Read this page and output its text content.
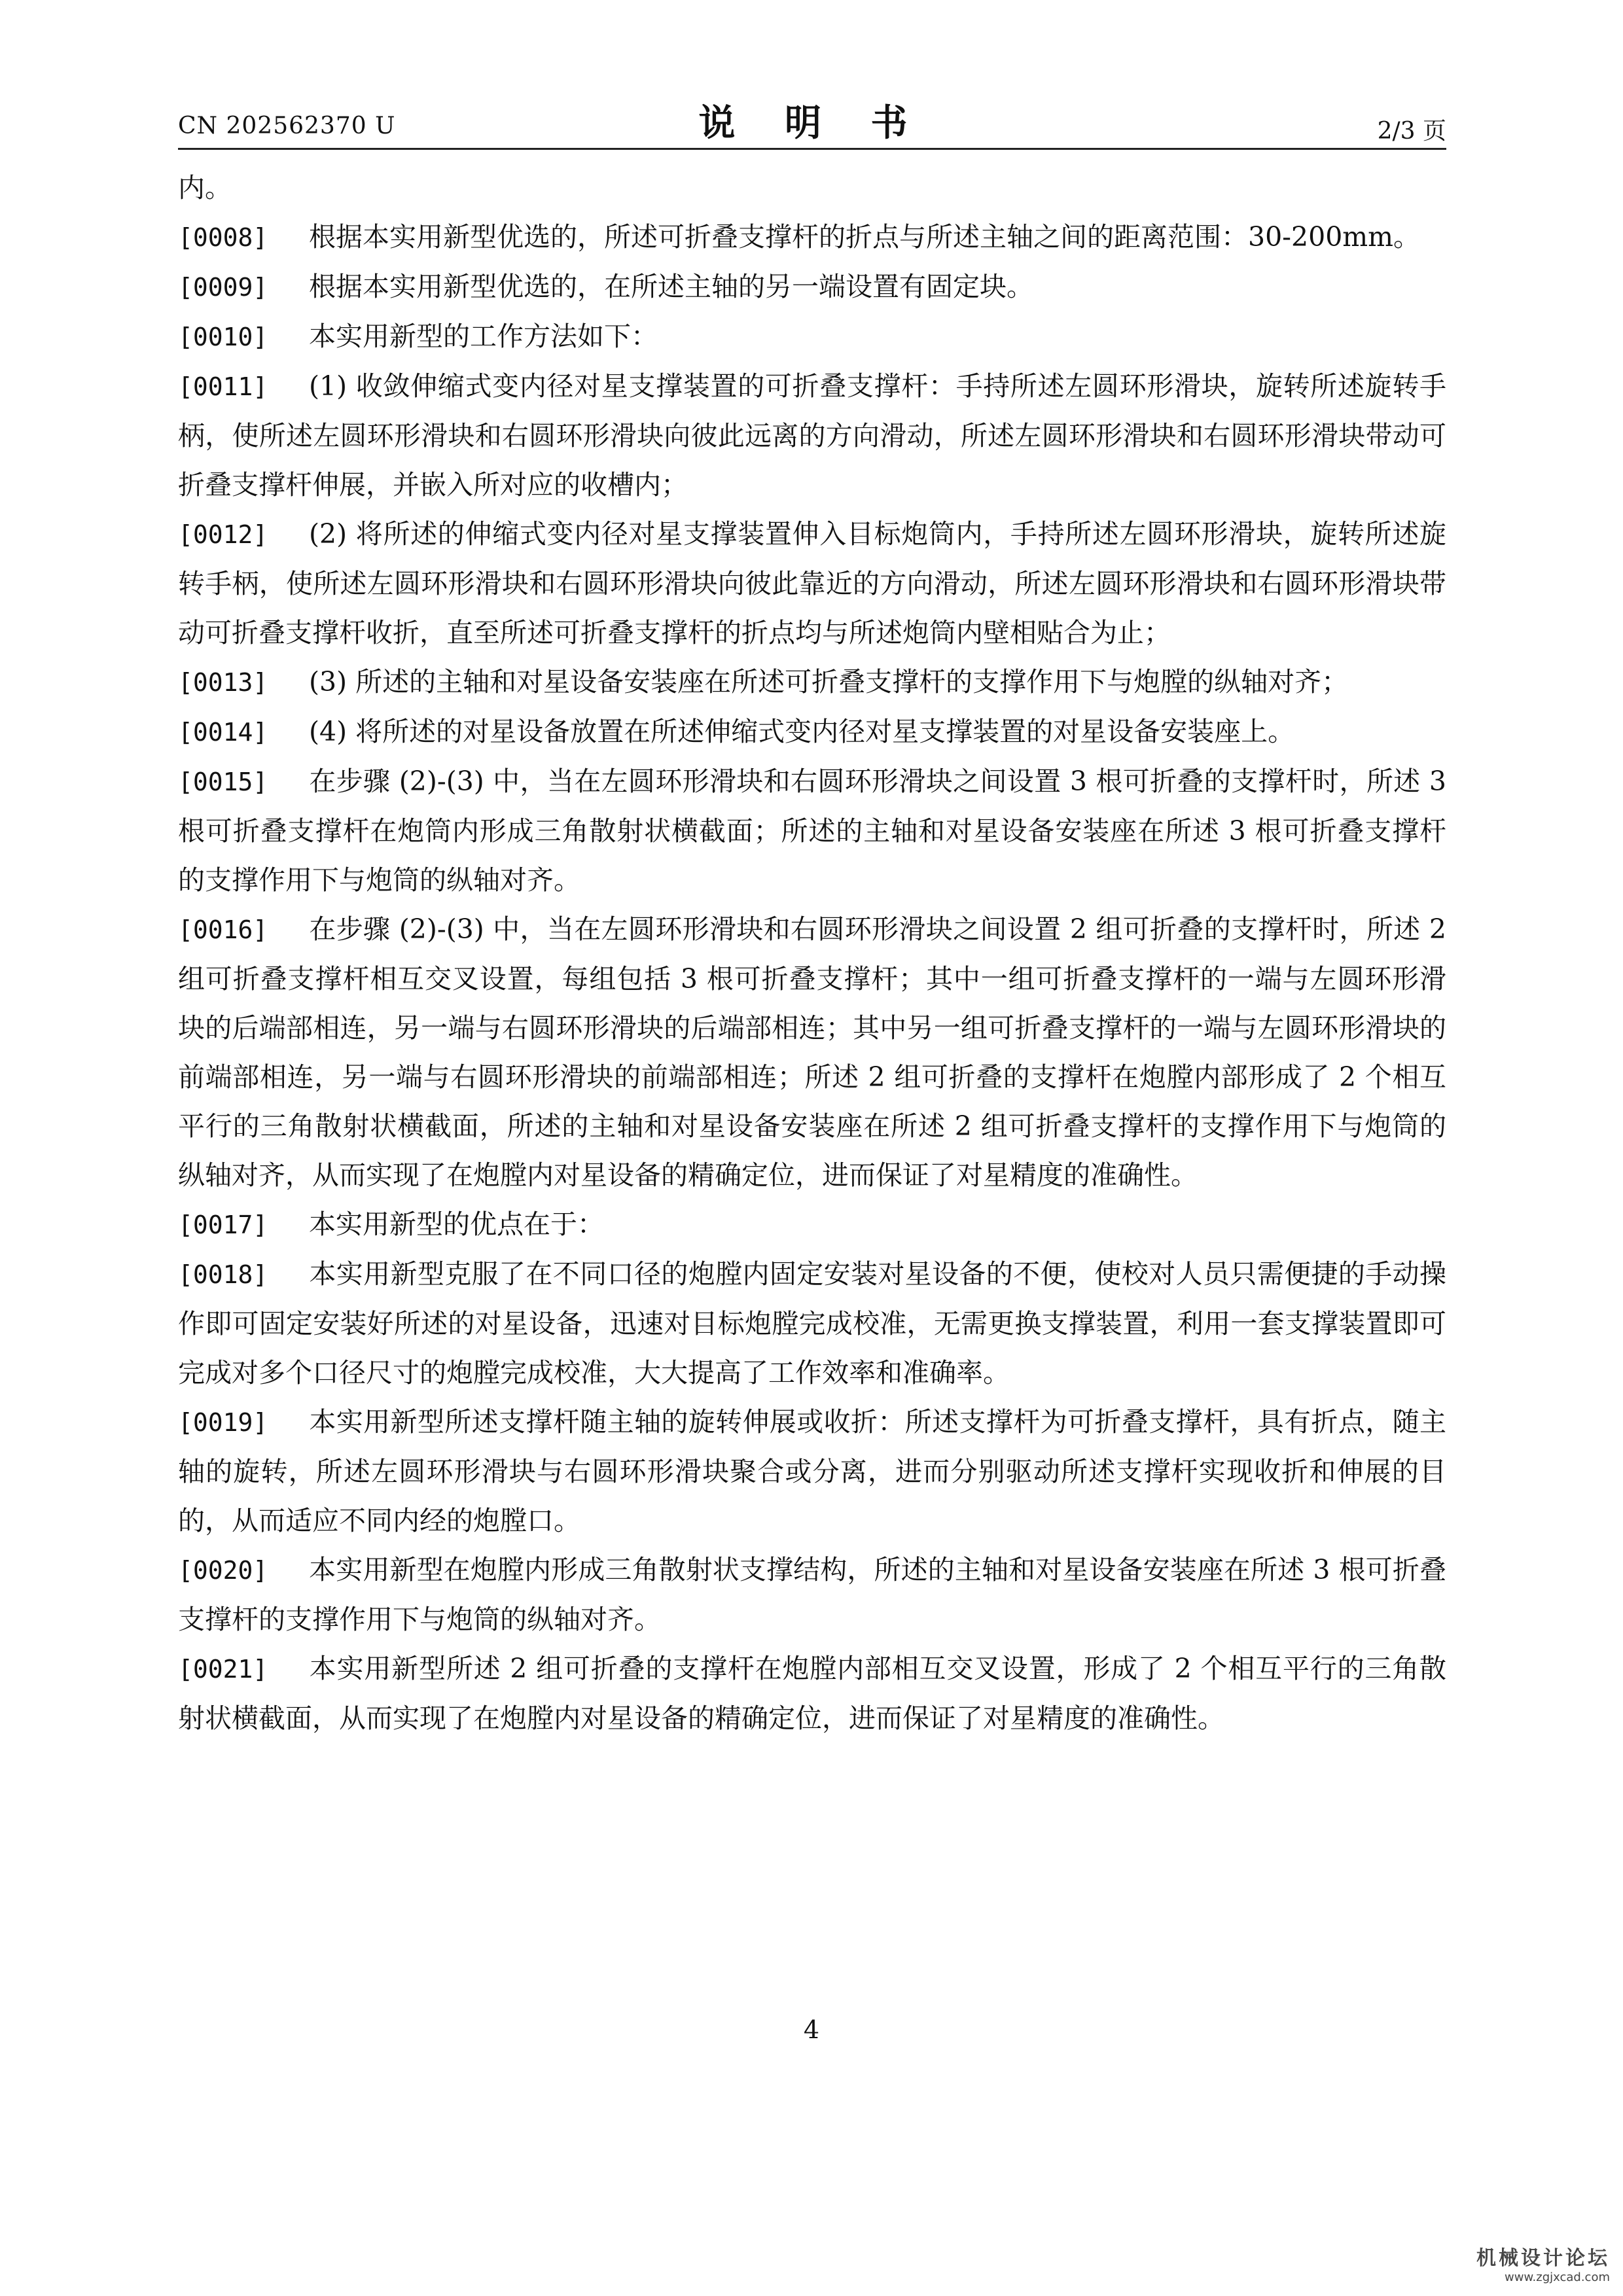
CN 202562370 U	说 明 书	2/3 页
内。
[0008] 根据本实用新型优选的，所述可折叠支撑杆的折点与所述主轴之间的距离范围：30-200mm。
[0009] 根据本实用新型优选的，在所述主轴的另一端设置有固定块。
[0010] 本实用新型的工作方法如下：
[0011] (1) 收敛伸缩式变内径对星支撑装置的可折叠支撑杆：手持所述左圆环形滑块，旋转所述旋转手柄，使所述左圆环形滑块和右圆环形滑块向彼此远离的方向滑动，所述左圆环形滑块和右圆环形滑块带动可折叠支撑杆伸展，并嵌入所对应的收槽内；
[0012] (2) 将所述的伸缩式变内径对星支撑装置伸入目标炮筒内，手持所述左圆环形滑块，旋转所述旋转手柄，使所述左圆环形滑块和右圆环形滑块向彼此靠近的方向滑动，所述左圆环形滑块和右圆环形滑块带动可折叠支撑杆收折，直至所述可折叠支撑杆的折点均与所述炮筒内壁相贴合为止；
[0013] (3) 所述的主轴和对星设备安装座在所述可折叠支撑杆的支撑作用下与炮膛的纵轴对齐；
[0014] (4) 将所述的对星设备放置在所述伸缩式变内径对星支撑装置的对星设备安装座上。
[0015] 在步骤 (2)-(3) 中，当在左圆环形滑块和右圆环形滑块之间设置 3 根可折叠的支撑杆时，所述 3 根可折叠支撑杆在炮筒内形成三角散射状横截面；所述的主轴和对星设备安装座在所述 3 根可折叠支撑杆的支撑作用下与炮筒的纵轴对齐。
[0016] 在步骤 (2)-(3) 中，当在左圆环形滑块和右圆环形滑块之间设置 2 组可折叠的支撑杆时，所述 2 组可折叠支撑杆相互交叉设置，每组包括 3 根可折叠支撑杆；其中一组可折叠支撑杆的一端与左圆环形滑块的后端部相连，另一端与右圆环形滑块的后端部相连；其中另一组可折叠支撑杆的一端与左圆环形滑块的前端部相连，另一端与右圆环形滑块的前端部相连；所述 2 组可折叠的支撑杆在炮膛内部形成了 2 个相互平行的三角散射状横截面，所述的主轴和对星设备安装座在所述 2 组可折叠支撑杆的支撑作用下与炮筒的纵轴对齐，从而实现了在炮膛内对星设备的精确定位，进而保证了对星精度的准确性。
[0017] 本实用新型的优点在于：
[0018] 本实用新型克服了在不同口径的炮膛内固定安装对星设备的不便，使校对人员只需便捷的手动操作即可固定安装好所述的对星设备，迅速对目标炮膛完成校准，无需更换支撑装置，利用一套支撑装置即可完成对多个口径尺寸的炮膛完成校准，大大提高了工作效率和准确率。
[0019] 本实用新型所述支撑杆随主轴的旋转伸展或收折：所述支撑杆为可折叠支撑杆，具有折点，随主轴的旋转，所述左圆环形滑块与右圆环形滑块聚合或分离，进而分别驱动所述支撑杆实现收折和伸展的目的，从而适应不同内经的炮膛口。
[0020] 本实用新型在炮膛内形成三角散射状支撑结构，所述的主轴和对星设备安装座在所述 3 根可折叠支撑杆的支撑作用下与炮筒的纵轴对齐。
[0021] 本实用新型所述 2 组可折叠的支撑杆在炮膛内部相互交叉设置，形成了 2 个相互平行的三角散射状横截面，从而实现了在炮膛内对星设备的精确定位，进而保证了对星精度的准确性。
4
机械设计论坛
www.zgjxcad.com
